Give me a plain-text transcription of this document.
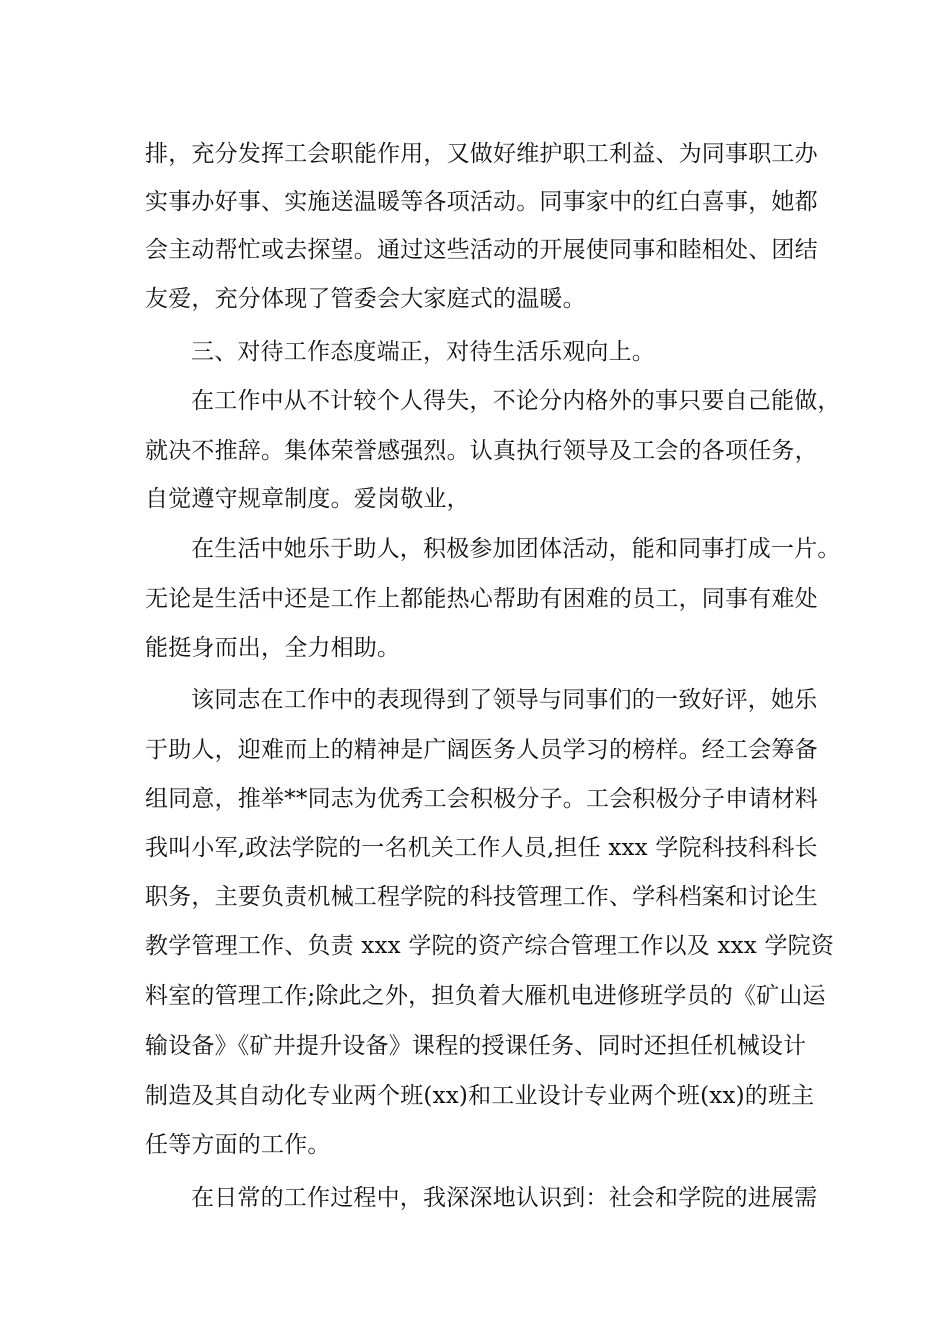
排，充分发挥工会职能作用，又做好维护职工利益、为同事职工办
实事办好事、实施送温暖等各项活动。同事家中的红白喜事，她都
会主动帮忙或去探望。通过这些活动的开展使同事和睦相处、团结
友爱，充分体现了管委会大家庭式的温暖。
三、对待工作态度端正，对待生活乐观向上。
在工作中从不计较个人得失，不论分内格外的事只要自己能做，
就决不推辞。集体荣誉感强烈。认真执行领导及工会的各项任务，
自觉遵守规章制度。爱岗敬业，
在生活中她乐于助人，积极参加团体活动，能和同事打成一片。
无论是生活中还是工作上都能热心帮助有困难的员工，同事有难处
能挺身而出，全力相助。
该同志在工作中的表现得到了领导与同事们的一致好评，她乐
于助人，迎难而上的精神是广阔医务人员学习的榜样。经工会筹备
组同意，推举**同志为优秀工会积极分子。工会积极分子申请材料
我叫小军,政法学院的一名机关工作人员,担任 xxx 学院科技科科长
职务，主要负责机械工程学院的科技管理工作、学科档案和讨论生
教学管理工作、负责 xxx 学院的资产综合管理工作以及 xxx 学院资
料室的管理工作;除此之外，担负着大雁机电进修班学员的《矿山运
输设备》《矿井提升设备》课程的授课任务、同时还担任机械设计
制造及其自动化专业两个班(xx)和工业设计专业两个班(xx)的班主
任等方面的工作。
在日常的工作过程中，我深深地认识到：社会和学院的进展需
